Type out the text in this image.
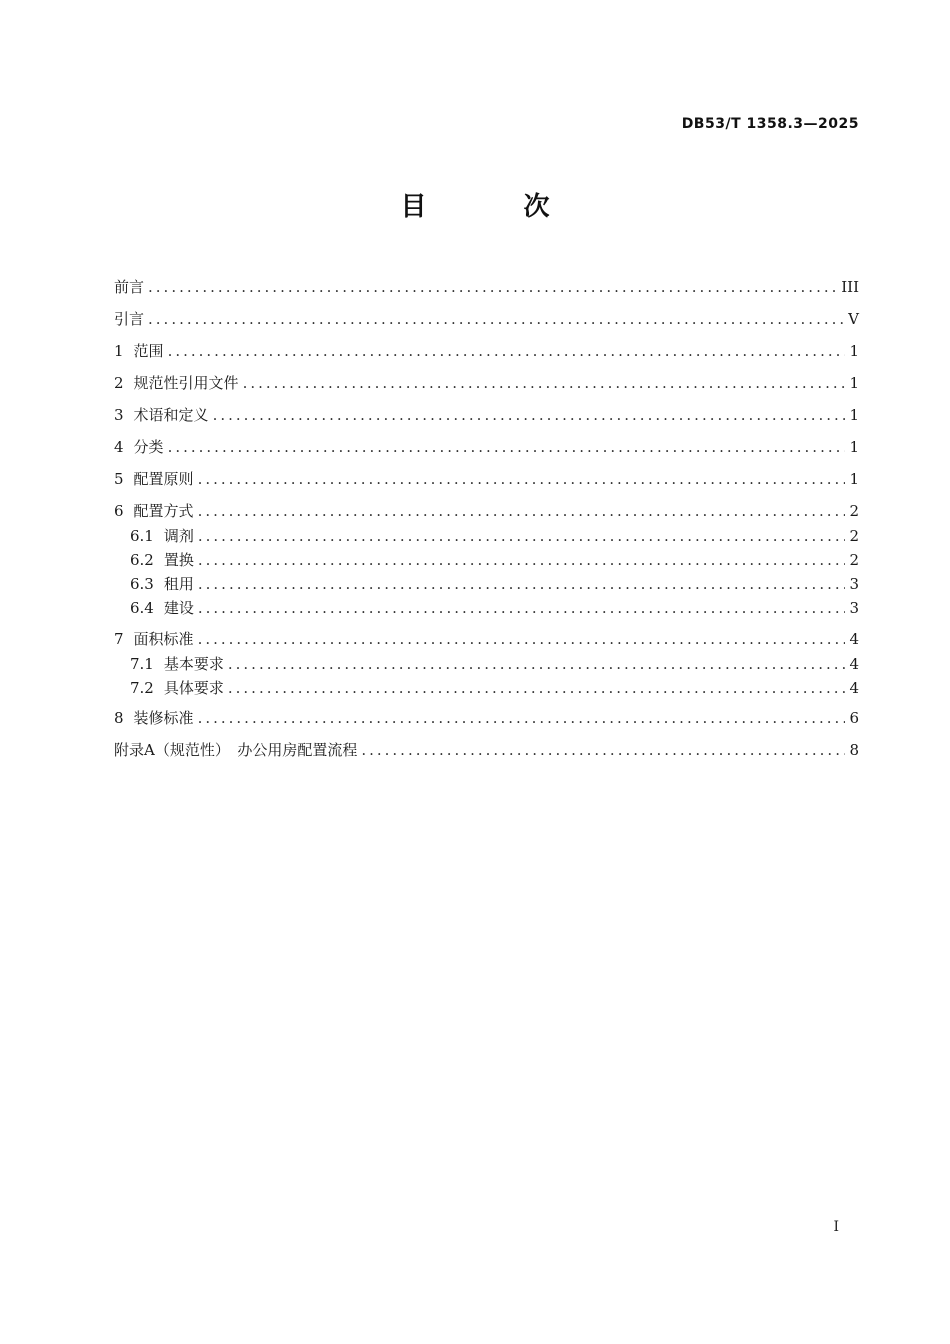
DB53/T 1358.3—2025
目 次
前言 .....	III
引言 .....	V
1 范围 .....	1
2 规范性引用文件 .....	1
3 术语和定义 .....	1
4 分类 .....	1
5 配置原则 .....	1
6 配置方式 .....	2
6.1 调剂 .....	2
6.2 置换 .....	2
6.3 租用 .....	3
6.4 建设 .....	3
7 面积标准 .....	4
7.1 基本要求 .....	4
7.2 具体要求 .....	4
8 装修标准 .....	6
附录A（规范性）　办公用房配置流程 .....	8
I
